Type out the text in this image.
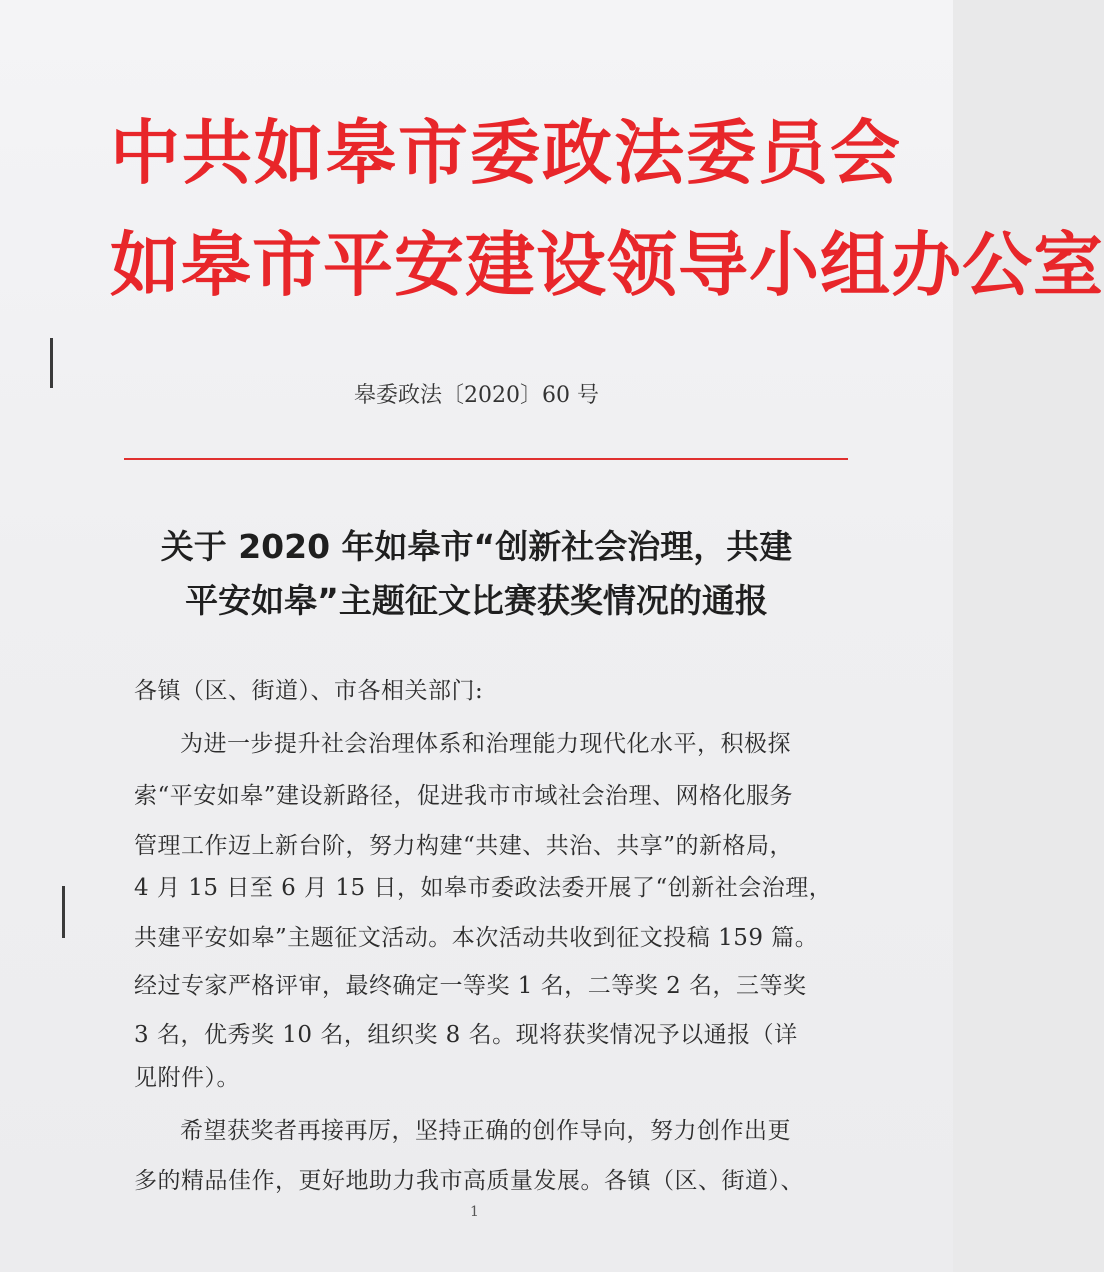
中共如皋市委政法委员会
如皋市平安建设领导小组办公室
皋委政法〔2020〕60 号
关于 2020 年如皋市“创新社会治理，共建
平安如皋”主题征文比赛获奖情况的通报
各镇（区、街道）、市各相关部门:
为进一步提升社会治理体系和治理能力现代化水平，积极探
索“平安如皋”建设新路径，促进我市市域社会治理、网格化服务
管理工作迈上新台阶，努力构建“共建、共治、共享”的新格局，
4 月 15 日至 6 月 15 日，如皋市委政法委开展了“创新社会治理，
共建平安如皋”主题征文活动。本次活动共收到征文投稿 159 篇。
经过专家严格评审，最终确定一等奖 1 名，二等奖 2 名，三等奖
3 名，优秀奖 10 名，组织奖 8 名。现将获奖情况予以通报（详
见附件）。
希望获奖者再接再厉，坚持正确的创作导向，努力创作出更
多的精品佳作，更好地助力我市高质量发展。各镇（区、街道）、
1
